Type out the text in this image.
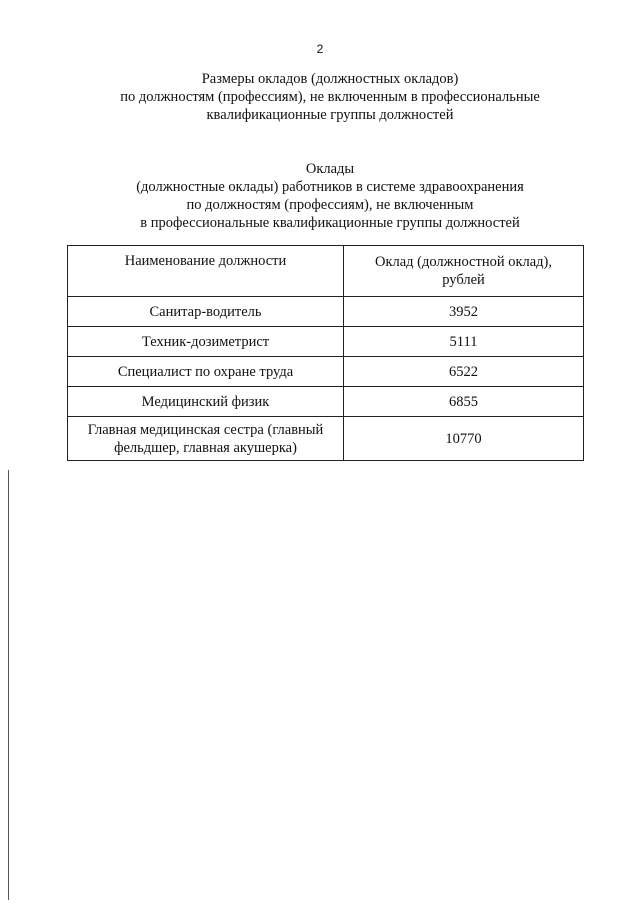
2
Размеры окладов (должностных окладов)
по должностям (профессиям), не включенным в профессиональные
квалификационные группы должностей
Оклады
(должностные оклады) работников в системе здравоохранения
по должностям (профессиям), не включенным
в профессиональные квалификационные группы должностей
Наименование должности	Оклад (должностной оклад),
рублей

Санитар-водитель	3952
Техник-дозиметрист	5111
Специалист по охране труда	6522
Медицинский физик	6855

Главная медицинская сестра (главный
фельдшер, главная акушерка)	10770
